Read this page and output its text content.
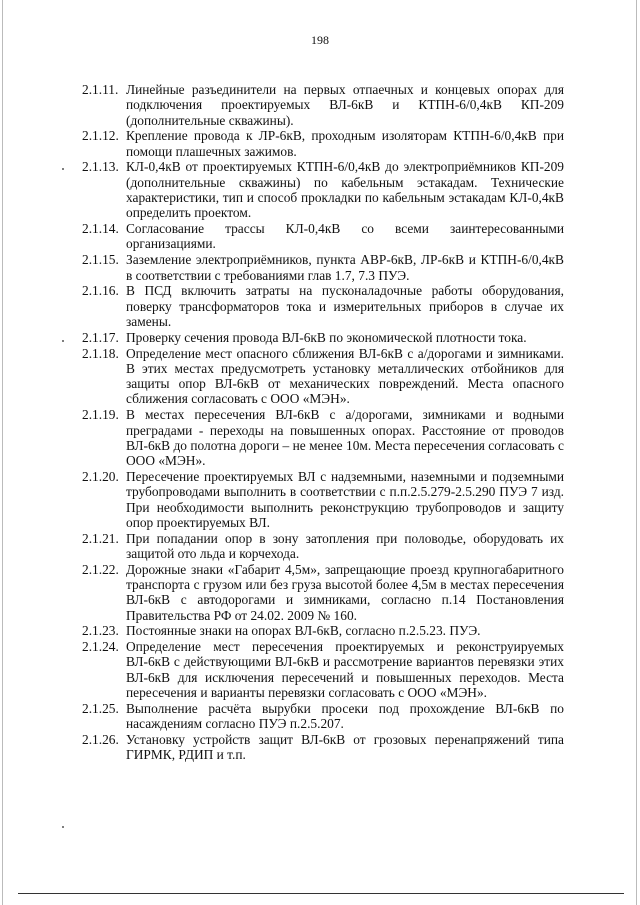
198
2.1.11. Линейные разъединители на первых отпаечных и концевых опорах для подключения проектируемых ВЛ-6кВ и КТПН-6/0,4кВ КП-209 (дополнительные скважины).
2.1.12. Крепление провода к ЛР-6кВ, проходным изоляторам КТПН-6/0,4кВ при помощи плашечных зажимов.
2.1.13. КЛ-0,4кВ от проектируемых КТПН-6/0,4кВ до электроприёмников КП-209 (дополнительные скважины) по кабельным эстакадам. Технические характеристики, тип и способ прокладки по кабельным эстакадам КЛ-0,4кВ определить проектом.
2.1.14. Согласование трассы КЛ-0,4кВ со всеми заинтересованными организациями.
2.1.15. Заземление электроприёмников, пункта АВР-6кВ, ЛР-6кВ и КТПН-6/0,4кВ в соответствии с требованиями глав 1.7, 7.3 ПУЭ.
2.1.16. В ПСД включить затраты на пусконаладочные работы оборудования, поверку трансформаторов тока и измерительных приборов в случае их замены.
2.1.17. Проверку сечения провода ВЛ-6кВ по экономической плотности тока.
2.1.18. Определение мест опасного сближения ВЛ-6кВ с а/дорогами и зимниками. В этих местах предусмотреть установку металлических отбойников для защиты опор ВЛ-6кВ от механических повреждений. Места опасного сближения согласовать с ООО «МЭН».
2.1.19. В местах пересечения ВЛ-6кВ с а/дорогами, зимниками и водными преградами - переходы на повышенных опорах. Расстояние от проводов ВЛ-6кВ до полотна дороги – не менее 10м. Места пересечения согласовать с ООО «МЭН».
2.1.20. Пересечение проектируемых ВЛ с надземными, наземными и подземными трубопроводами выполнить в соответствии с п.п.2.5.279-2.5.290 ПУЭ 7 изд. При необходимости выполнить реконструкцию трубопроводов и защиту опор проектируемых ВЛ.
2.1.21. При попадании опор в зону затопления при половодье, оборудовать их защитой ото льда и корчехода.
2.1.22. Дорожные знаки «Габарит 4,5м», запрещающие проезд крупногабаритного транспорта с грузом или без груза высотой более 4,5м в местах пересечения ВЛ-6кВ с автодорогами и зимниками, согласно п.14 Постановления Правительства РФ от 24.02. 2009 № 160.
2.1.23. Постоянные знаки на опорах ВЛ-6кВ, согласно п.2.5.23. ПУЭ.
2.1.24. Определение мест пересечения проектируемых и реконструируемых ВЛ-6кВ с действующими ВЛ-6кВ и рассмотрение вариантов перевязки этих ВЛ-6кВ для исключения пересечений и повышенных переходов. Места пересечения и варианты перевязки согласовать с ООО «МЭН».
2.1.25. Выполнение расчёта вырубки просеки под прохождение ВЛ-6кВ по насаждениям согласно ПУЭ п.2.5.207.
2.1.26. Установку устройств защит ВЛ-6кВ от грозовых перенапряжений типа ГИРМК, РДИП и т.п.
